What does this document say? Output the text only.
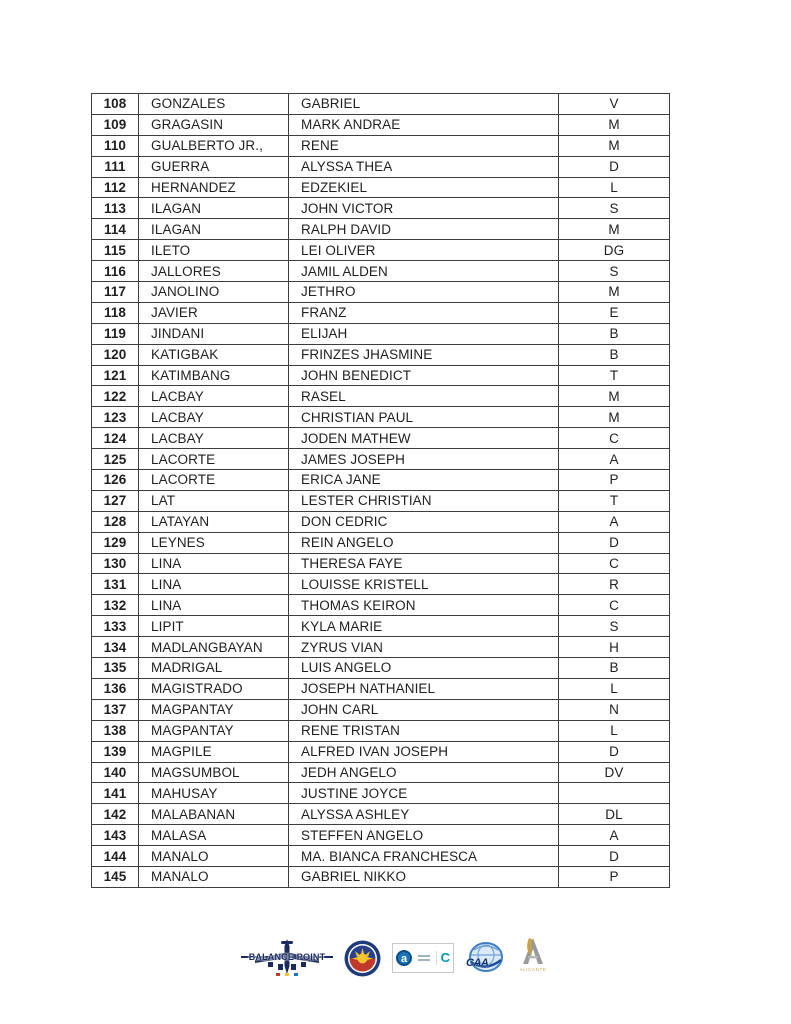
108	GONZALES	GABRIEL	V
109	GRAGASIN	MARK ANDRAE	M
110	GUALBERTO JR.,	RENE	M
111	GUERRA	ALYSSA THEA	D
112	HERNANDEZ	EDZEKIEL	L
113	ILAGAN	JOHN VICTOR	S
114	ILAGAN	RALPH DAVID	M
115	ILETO	LEI OLIVER	DG
116	JALLORES	JAMIL ALDEN	S
117	JANOLINO	JETHRO	M
118	JAVIER	FRANZ	E
119	JINDANI	ELIJAH	B
120	KATIGBAK	FRINZES JHASMINE	B
121	KATIMBANG	JOHN BENEDICT	T
122	LACBAY	RASEL	M
123	LACBAY	CHRISTIAN PAUL	M
124	LACBAY	JODEN MATHEW	C
125	LACORTE	JAMES JOSEPH	A
126	LACORTE	ERICA JANE	P
127	LAT	LESTER CHRISTIAN	T
128	LATAYAN	DON CEDRIC	A
129	LEYNES	REIN ANGELO	D
130	LINA	THERESA FAYE	C
131	LINA	LOUISSE KRISTELL	R
132	LINA	THOMAS KEIRON	C
133	LIPIT	KYLA MARIE	S
134	MADLANGBAYAN	ZYRUS VIAN	H
135	MADRIGAL	LUIS ANGELO	B
136	MAGISTRADO	JOSEPH NATHANIEL	L
137	MAGPANTAY	JOHN CARL	N
138	MAGPANTAY	RENE TRISTAN	L
139	MAGPILE	ALFRED IVAN JOSEPH	D
140	MAGSUMBOL	JEDH ANGELO	DV
141	MAHUSAY	JUSTINE JOYCE	
142	MALABANAN	ALYSSA ASHLEY	DL
143	MALASA	STEFFEN ANGELO	A
144	MANALO	MA. BIANCA FRANCHESCA	D
145	MANALO	GABRIEL NIKKO	P
BALANCE POINT	a	C CAA
ALICANTE
